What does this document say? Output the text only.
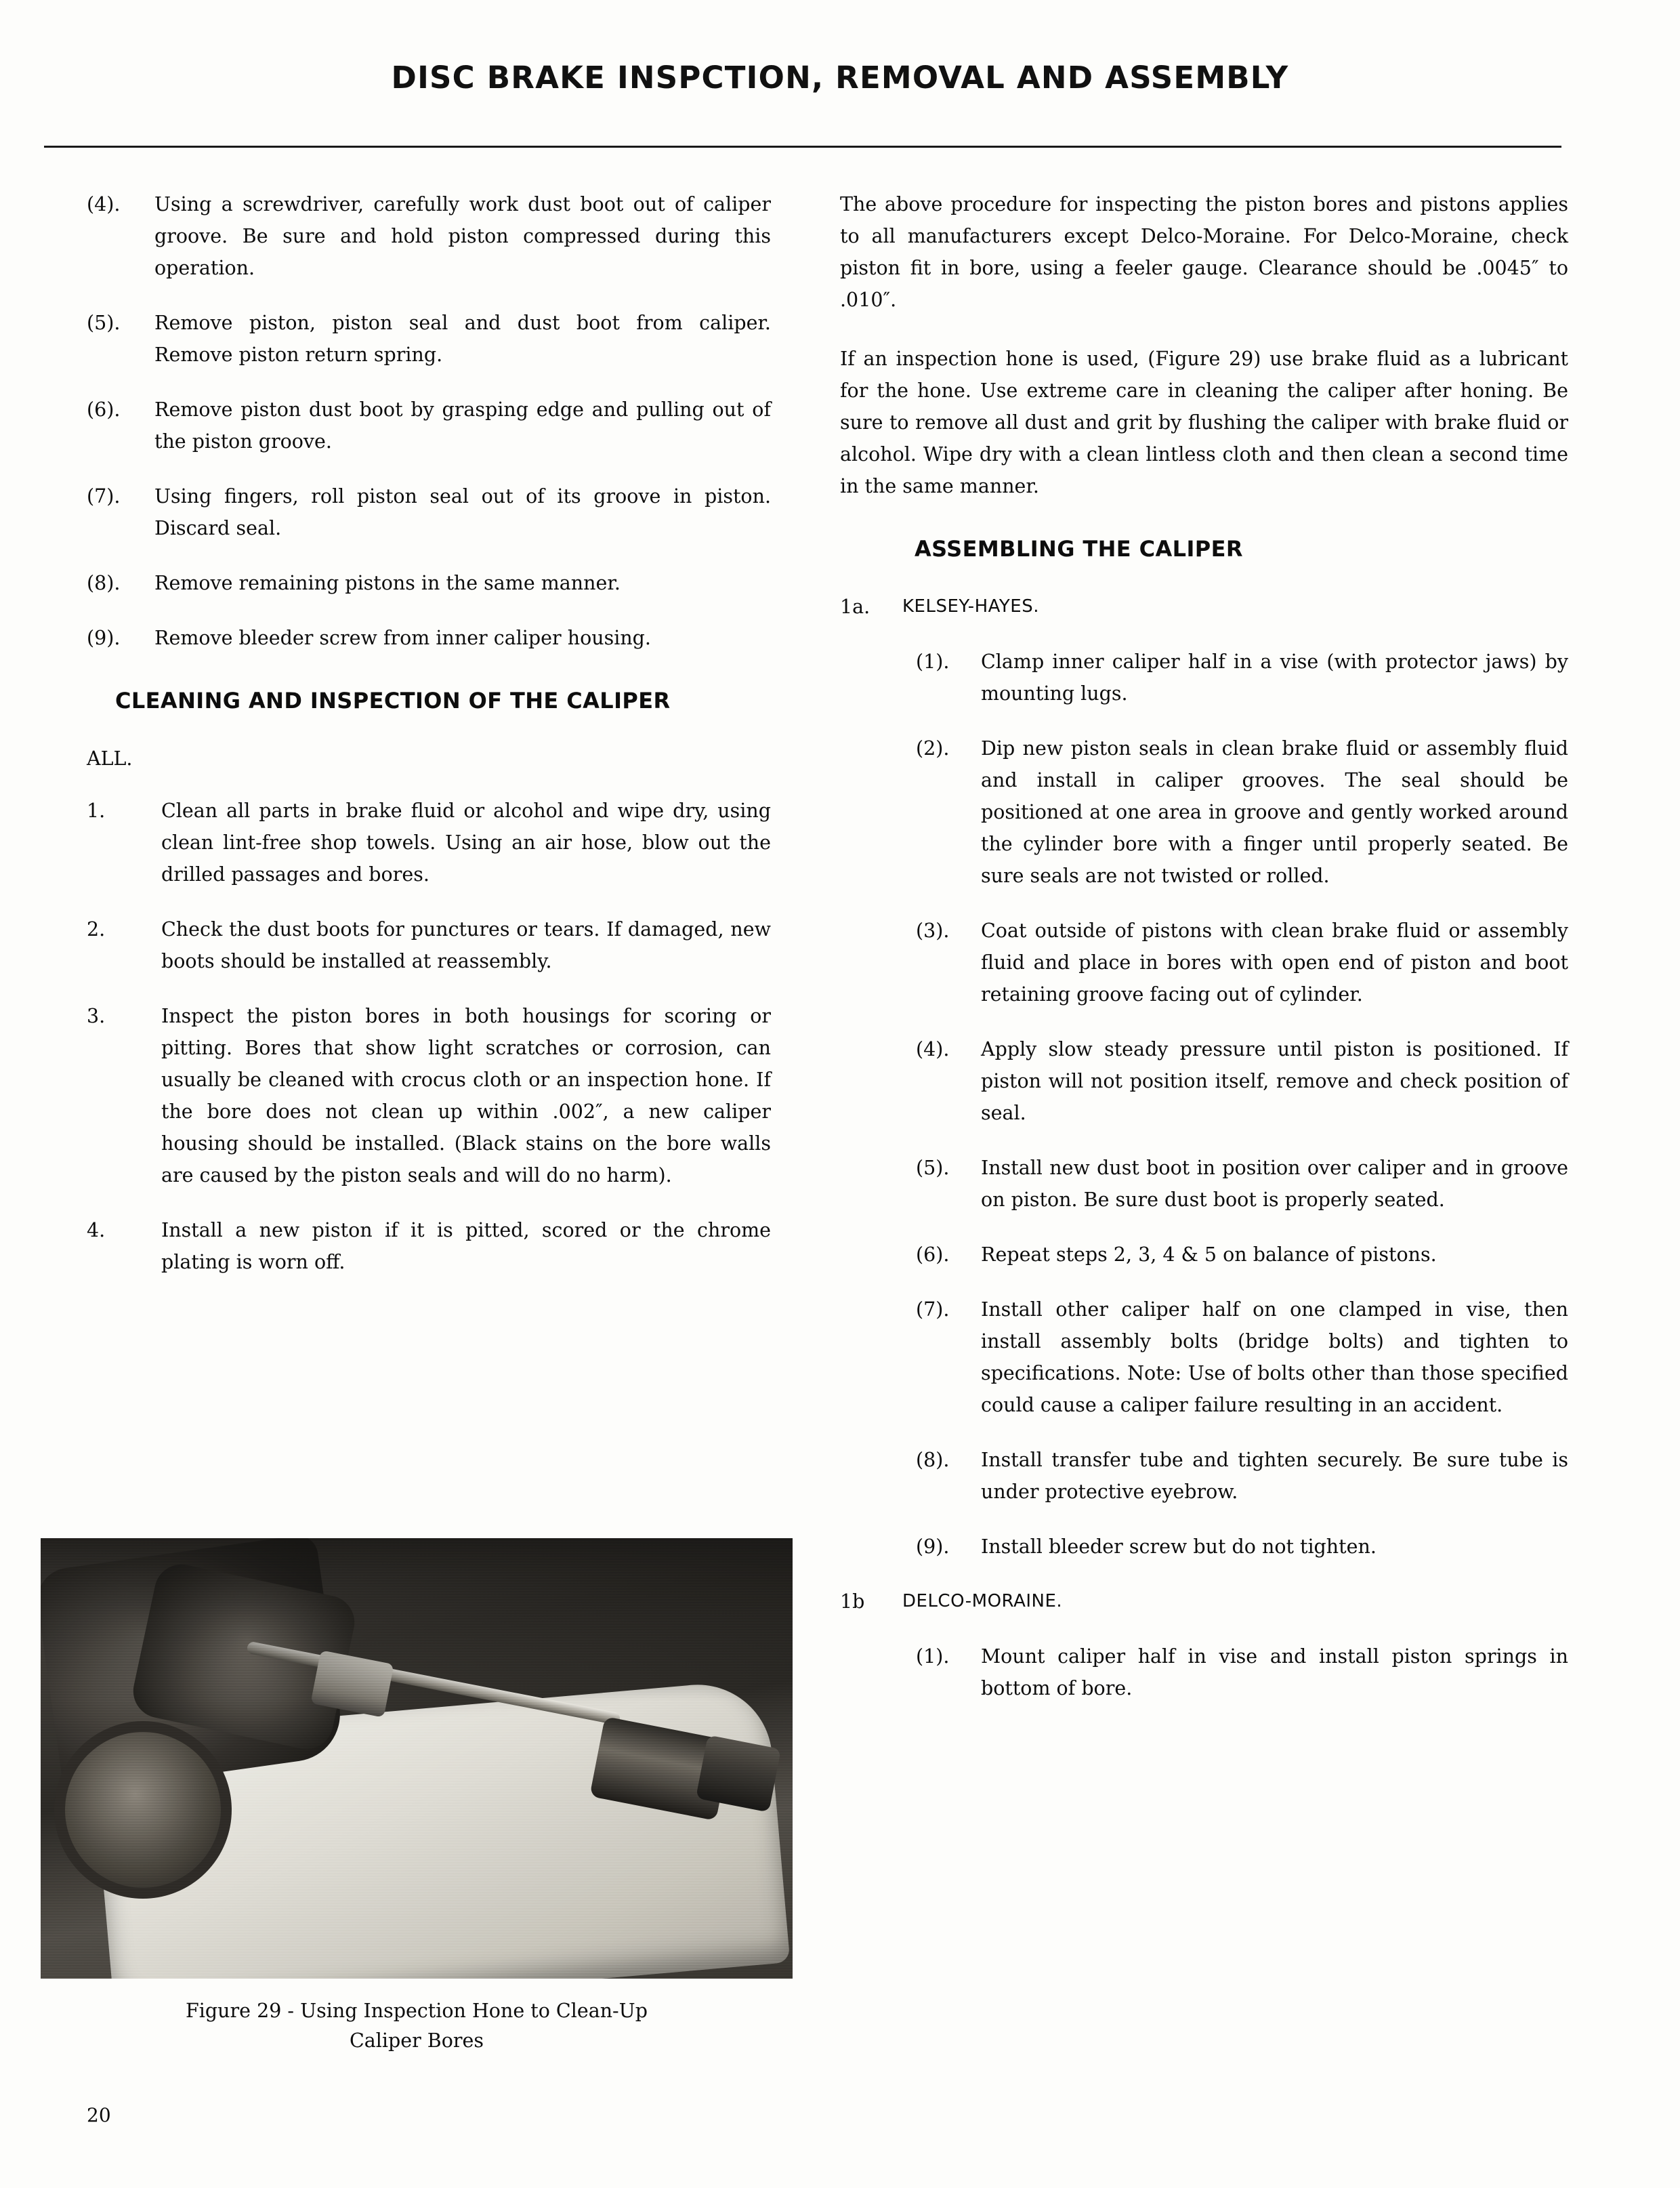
DISC BRAKE INSPCTION, REMOVAL AND ASSEMBLY
(4).	Using a screwdriver, carefully work dust boot out of caliper groove. Be sure and hold piston compressed during this operation.
(5).	Remove piston, piston seal and dust boot from caliper. Remove piston return spring.
(6).	Remove piston dust boot by grasping edge and pulling out of the piston groove.
(7).	Using fingers, roll piston seal out of its groove in piston. Discard seal.
(8).	Remove remaining pistons in the same manner.
(9).	Remove bleeder screw from inner caliper housing.
CLEANING AND INSPECTION OF THE CALIPER

ALL.

1.	Clean all parts in brake fluid or alcohol and wipe dry, using clean lint-free shop towels. Using an air hose, blow out the drilled passages and bores.
2.	Check the dust boots for punctures or tears. If damaged, new boots should be installed at reassembly.
3.	Inspect the piston bores in both housings for scoring or pitting. Bores that show light scratches or corrosion, can usually be cleaned with crocus cloth or an inspection hone. If the bore does not clean up within .002″, a new caliper housing should be installed. (Black stains on the bore walls are caused by the piston seals and will do no harm).
4.	Install a new piston if it is pitted, scored or the chrome plating is worn off.
Figure 29 - Using Inspection Hone to Clean-Up
Caliper Bores

The above procedure for inspecting the piston bores and pistons applies to all manufacturers except Delco-Moraine. For Delco-Moraine, check piston fit in bore, using a feeler gauge. Clearance should be .0045″ to .010″.

If an inspection hone is used, (Figure 29) use brake fluid as a lubricant for the hone. Use extreme care in cleaning the caliper after honing. Be sure to remove all dust and grit by flushing the caliper with brake fluid or alcohol. Wipe dry with a clean lintless cloth and then clean a second time in the same manner.

ASSEMBLING THE CALIPER
1a.	KELSEY-HAYES.
(1).	Clamp inner caliper half in a vise (with protector jaws) by mounting lugs.
(2).	Dip new piston seals in clean brake fluid or assembly fluid and install in caliper grooves. The seal should be positioned at one area in groove and gently worked around the cylinder bore with a finger until properly seated. Be sure seals are not twisted or rolled.
(3).	Coat outside of pistons with clean brake fluid or assembly fluid and place in bores with open end of piston and boot retaining groove facing out of cylinder.
(4).	Apply slow steady pressure until piston is positioned. If piston will not position itself, remove and check position of seal.
(5).	Install new dust boot in position over caliper and in groove on piston. Be sure dust boot is properly seated.
(6).	Repeat steps 2, 3, 4 & 5 on balance of pistons.
(7).	Install other caliper half on one clamped in vise, then install assembly bolts (bridge bolts) and tighten to specifications. Note: Use of bolts other than those specified could cause a caliper failure resulting in an accident.
(8).	Install transfer tube and tighten securely. Be sure tube is under protective eyebrow.
(9).	Install bleeder screw but do not tighten.
1b	DELCO-MORAINE.
(1).	Mount caliper half in vise and install piston springs in bottom of bore.
20
